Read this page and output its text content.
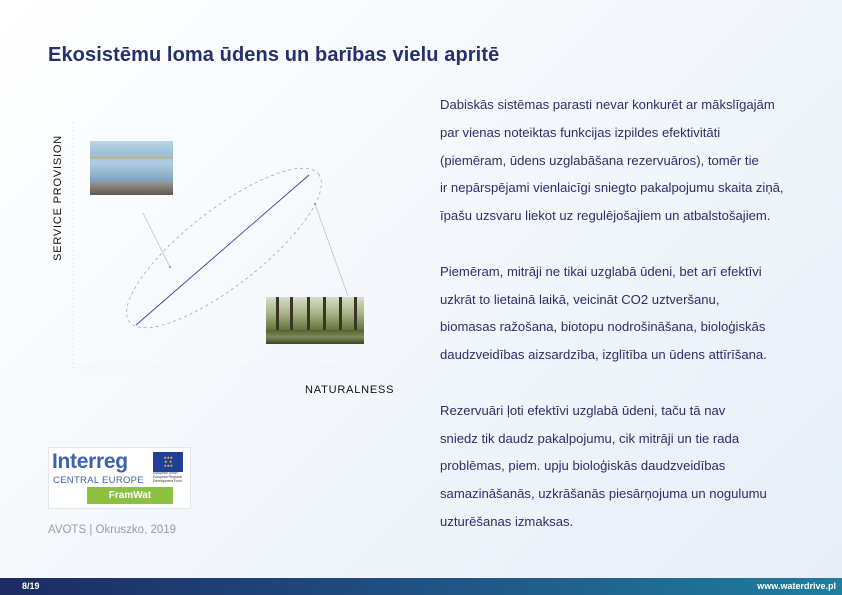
Ekosistēmu loma ūdens un barības vielu apritē
SERVICE PROVISION
NATURALNESS

Dabiskās sistēmas parasti nevar konkurēt ar mākslīgajām
par vienas noteiktas funkcijas izpildes efektivitāti
(piemēram, ūdens uzglabāšana rezervuāros), tomēr tie
ir nepārspējami vienlaicīgi sniegto pakalpojumu skaita ziņā,
īpašu uzsvaru liekot uz regulējošajiem un atbalstošajiem.

Piemēram, mitrāji ne tikai uzglabā ūdeni, bet arī efektīvi
uzkrāt to lietainā laikā, veicināt CO2 uztveršanu,
biomasas ražošana, biotopu nodrošināšana, bioloģiskās
daudzveidības aizsardzība, izglītība un ūdens attīrīšana.

Rezervuāri ļoti efektīvi uzglabā ūdeni, taču tā nav
sniedz tik daudz pakalpojumu, cik mitrāji un tie rada
problēmas, piem. upju bioloģiskās daudzveidības
samazināšanās, uzkrāšanās piesārņojuma un nogulumu
uzturēšanas izmaksas.

Interreg
CENTRAL EUROPE
★★★
★   ★
★★★
European Union European Regional Development Fund
FramWat
AVOTS | Okruszko, 2019
8/19	www.waterdrive.pl
